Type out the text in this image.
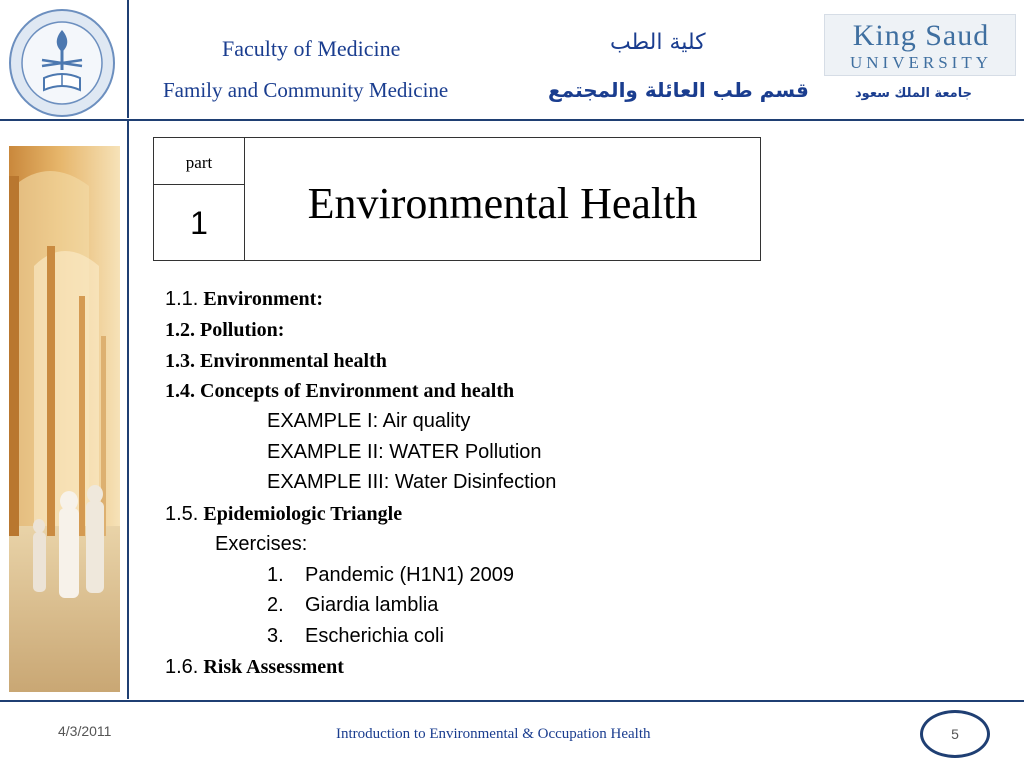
Faculty of Medicine
Family and Community Medicine
كلية الطب
قسم طب العائلة والمجتمع
King Saud
UNIVERSITY
جامعة الملك سعود
part
1	Environmental Health
1.1. Environment:
1.2. Pollution:
1.3. Environmental health
1.4. Concepts of Environment and health
EXAMPLE I: Air quality
EXAMPLE II: WATER Pollution
EXAMPLE III: Water Disinfection
1.5. Epidemiologic Triangle
Exercises:
1. Pandemic (H1N1) 2009
2. Giardia lamblia
3. Escherichia coli
1.6. Risk Assessment
4/3/2011	Introduction to Environmental & Occupation Health	5
